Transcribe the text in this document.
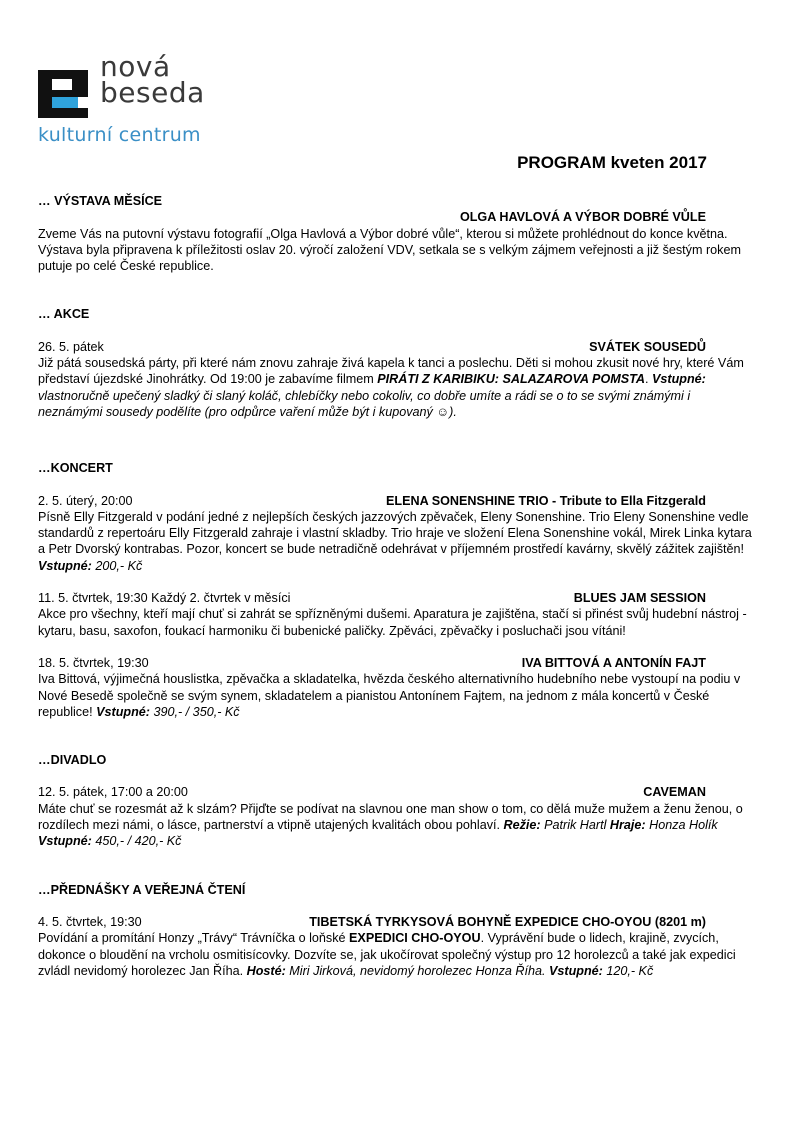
nová
beseda
kulturní centrum
PROGRAM kveten 2017

… VÝSTAVA MĚSÍCE

OLGA HAVLOVÁ A VÝBOR DOBRÉ VŮLE

Zveme Vás na putovní výstavu fotografií „Olga Havlová a Výbor dobré vůle“, kterou si můžete prohlédnout do konce května. Výstava byla připravena k příležitosti oslav 20. výročí založení VDV, setkala se s velkým zájmem veřejnosti a již šestým rokem putuje po celé České republice.

… AKCE

26. 5. pátek	SVÁTEK SOUSEDŮ

Již pátá sousedská párty, při které nám znovu zahraje živá kapela k tanci a poslechu. Děti si mohou zkusit nové hry, které Vám představí újezdské Jinohrátky. Od 19:00 je zabavíme filmem PIRÁTI Z KARIBIKU: SALAZAROVA POMSTA. Vstupné: vlastnoručně upečený sladký či slaný koláč, chlebíčky nebo cokoliv, co dobře umíte a rádi se o to se svými známými i neznámými sousedy podělíte (pro odpůrce vaření může být i kupovaný ☺).

…KONCERT

2. 5. úterý, 20:00	ELENA SONENSHINE TRIO - Tribute to Ella Fitzgerald

Písně Elly Fitzgerald v podání jedné z nejlepších českých jazzových zpěvaček, Eleny Sonenshine. Trio Eleny Sonenshine vedle standardů z repertoáru Elly Fitzgerald zahraje i vlastní skladby. Trio hraje ve složení Elena Sonenshine vokál, Mirek Linka kytara a Petr Dvorský kontrabas. Pozor, koncert se bude netradičně odehrávat v příjemném prostředí kavárny, skvělý zážitek zajištěn!

Vstupné: 200,- Kč

11. 5. čtvrtek, 19:30 Každý 2. čtvrtek v měsíci	BLUES JAM SESSION

Akce pro všechny, kteří mají chuť si zahrát se spřízněnými dušemi. Aparatura je zajištěna, stačí si přinést svůj hudební nástroj - kytaru, basu, saxofon, foukací harmoniku či bubenické paličky. Zpěváci, zpěvačky i posluchači jsou vítáni!

18. 5. čtvrtek, 19:30	IVA BITTOVÁ A ANTONÍN FAJT

Iva Bittová, výjimečná houslistka, zpěvačka a skladatelka, hvězda českého alternativního hudebního nebe vystoupí na podiu v Nové Besedě společně se svým synem, skladatelem a pianistou Antonínem Fajtem, na jednom z mála koncertů v České republice! Vstupné: 390,- / 350,- Kč

…DIVADLO

12. 5. pátek, 17:00 a 20:00	CAVEMAN

Máte chuť se rozesmát až k slzám? Přijďte se podívat na slavnou one man show o tom, co dělá muže mužem a ženu ženou, o rozdílech mezi námi, o lásce, partnerství a vtipně utajených kvalitách obou pohlaví. Režie: Patrik Hartl Hraje: Honza Holík

Vstupné: 450,- / 420,- Kč

…PŘEDNÁŠKY A VEŘEJNÁ ČTENÍ

4. 5. čtvrtek, 19:30	TIBETSKÁ TYRKYSOVÁ BOHYNĚ EXPEDICE CHO-OYOU (8201 m)

Povídání a promítání Honzy „Trávy“ Trávníčka o loňské EXPEDICI CHO-OYOU. Vyprávění bude o lidech, krajině, zvycích, dokonce o bloudění na vrcholu osmitisícovky. Dozvíte se, jak ukočírovat společný výstup pro 12 horolezců a také jak expedici zvládl nevidomý horolezec Jan Říha. Hosté: Miri Jirková, nevidomý horolezec Honza Říha. Vstupné: 120,- Kč
